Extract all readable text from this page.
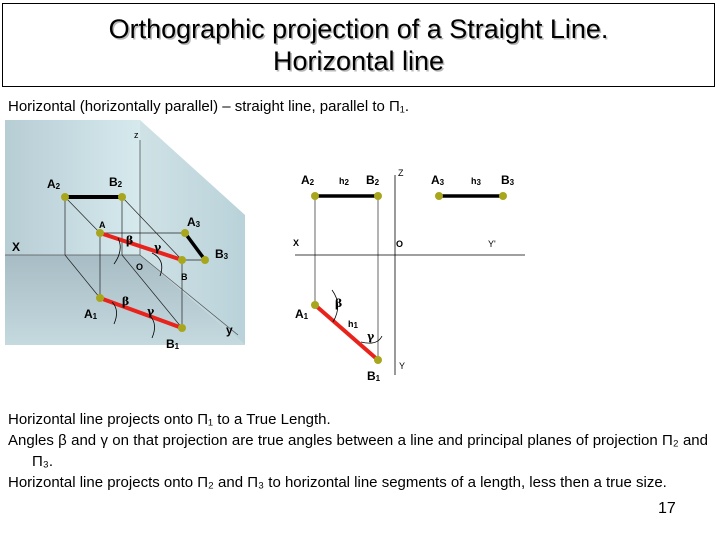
Orthographic projection of a Straight Line.
Horizontal line
Horizontal (horizontally parallel) – straight line, parallel to П₁.
z
X
y
O
β
γ
β
γ
A2	B2
A
B
A3
B3
A1
B1
A2	h2 B2
Z A3	h3 B3
X	O	Y'
A1
β
h1
γ
Y
B1

Horizontal line projects onto П₁ to a True Length.

Angles β and γ on that projection are true angles between a line and principal planes of projection П₂ and П₃.

Horizontal line projects onto П₂ and П₃ to horizontal line segments of a length, less then a true size.

17
